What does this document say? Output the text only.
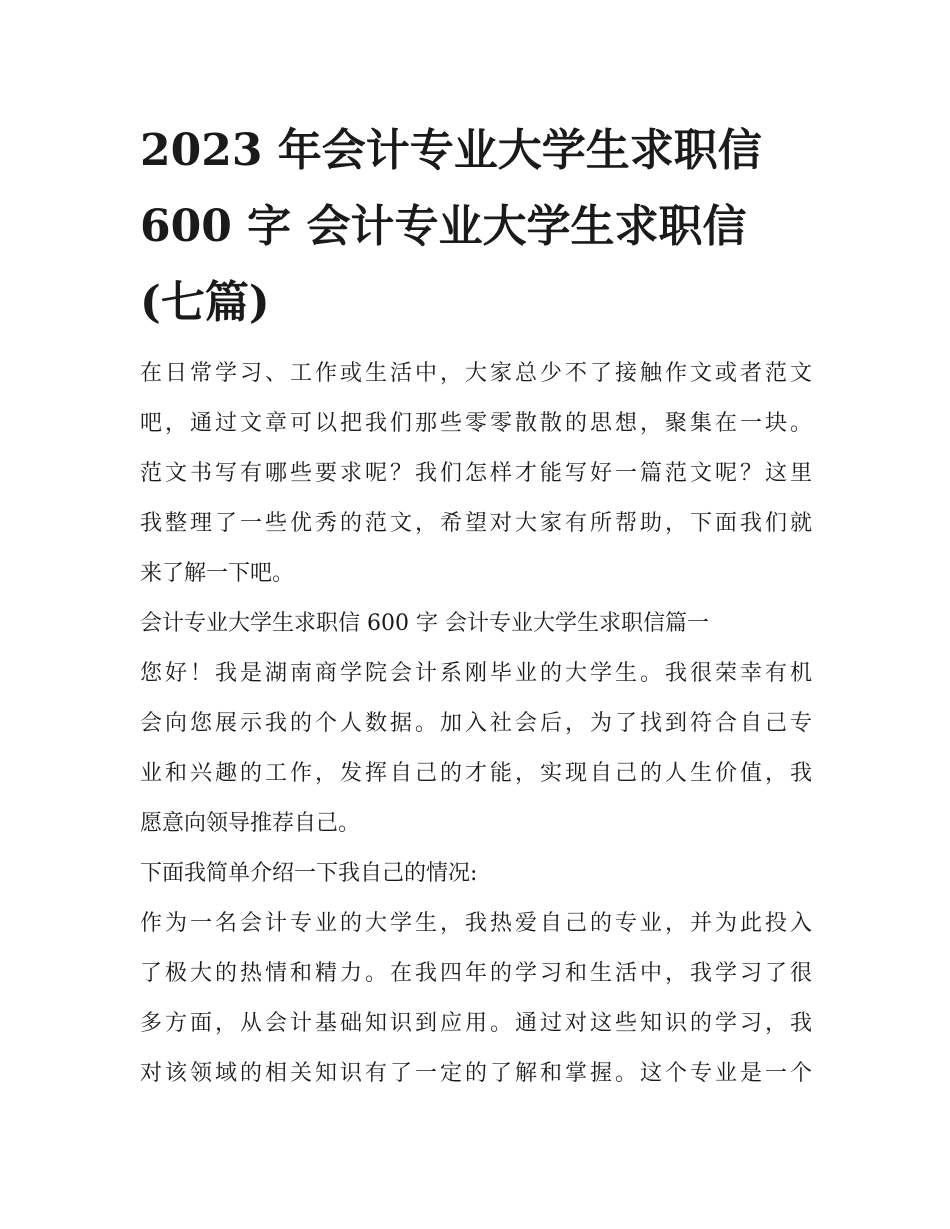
2023 年会计专业大学生求职信
600 字 会计专业大学生求职信
(七篇)

在日常学习、工作或生活中，大家总少不了接触作文或者范文
吧，通过文章可以把我们那些零零散散的思想，聚集在一块。
范文书写有哪些要求呢？我们怎样才能写好一篇范文呢？这里
我整理了一些优秀的范文，希望对大家有所帮助，下面我们就
来了解一下吧。

会计专业大学生求职信 600 字 会计专业大学生求职信篇一

您好！我是湖南商学院会计系刚毕业的大学生。我很荣幸有机
会向您展示我的个人数据。加入社会后，为了找到符合自己专
业和兴趣的工作，发挥自己的才能，实现自己的人生价值，我
愿意向领导推荐自己。

下面我简单介绍一下我自己的情况:

作为一名会计专业的大学生，我热爱自己的专业，并为此投入
了极大的热情和精力。在我四年的学习和生活中，我学习了很
多方面，从会计基础知识到应用。通过对这些知识的学习，我
对该领域的相关知识有了一定的了解和掌握。这个专业是一个
